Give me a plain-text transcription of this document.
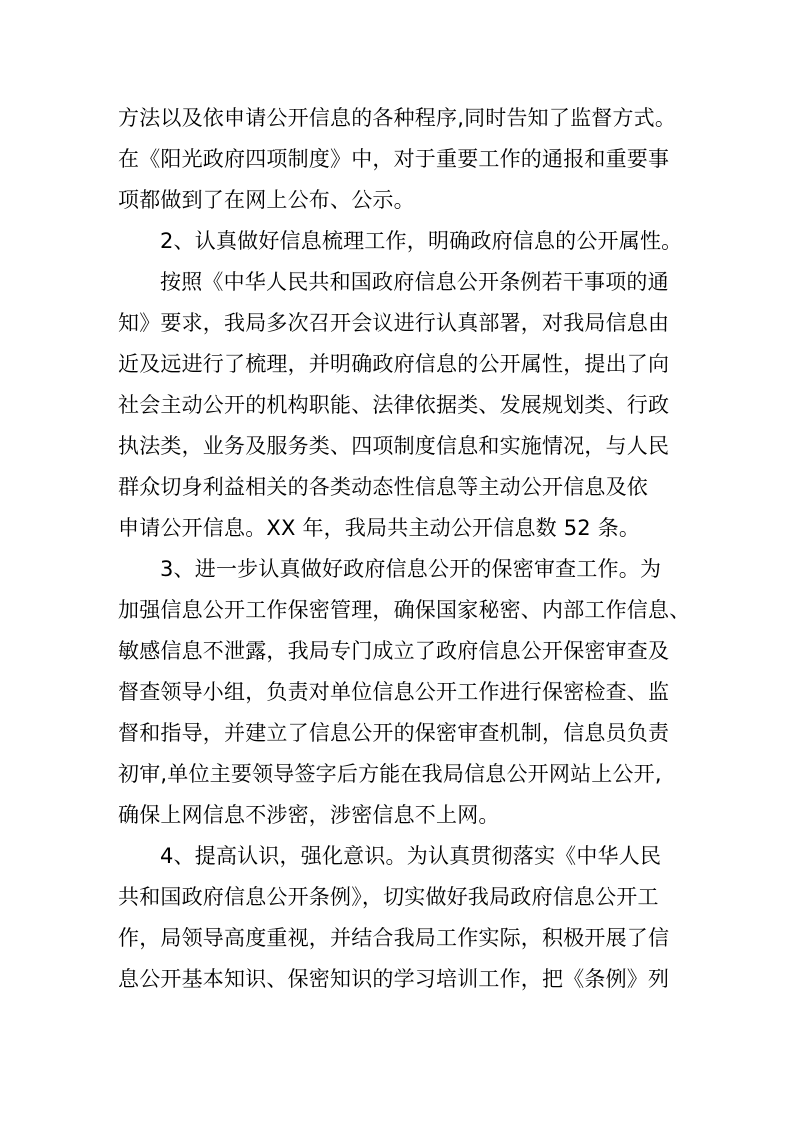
方法以及依申请公开信息的各种程序,同时告知了监督方式。
在《阳光政府四项制度》中，对于重要工作的通报和重要事
项都做到了在网上公布、公示。
2、认真做好信息梳理工作，明确政府信息的公开属性。
按照《中华人民共和国政府信息公开条例若干事项的通
知》要求，我局多次召开会议进行认真部署，对我局信息由
近及远进行了梳理，并明确政府信息的公开属性，提出了向
社会主动公开的机构职能、法律依据类、发展规划类、行政
执法类，业务及服务类、四项制度信息和实施情况，与人民
群众切身利益相关的各类动态性信息等主动公开信息及依
申请公开信息。XX 年，我局共主动公开信息数 52 条。
3、进一步认真做好政府信息公开的保密审查工作。为
加强信息公开工作保密管理，确保国家秘密、内部工作信息、
敏感信息不泄露，我局专门成立了政府信息公开保密审查及
督查领导小组，负责对单位信息公开工作进行保密检查、监
督和指导，并建立了信息公开的保密审查机制，信息员负责
初审,单位主要领导签字后方能在我局信息公开网站上公开,
确保上网信息不涉密，涉密信息不上网。
4、提高认识，强化意识。为认真贯彻落实《中华人民
共和国政府信息公开条例》，切实做好我局政府信息公开工
作，局领导高度重视，并结合我局工作实际，积极开展了信
息公开基本知识、保密知识的学习培训工作，把《条例》列
